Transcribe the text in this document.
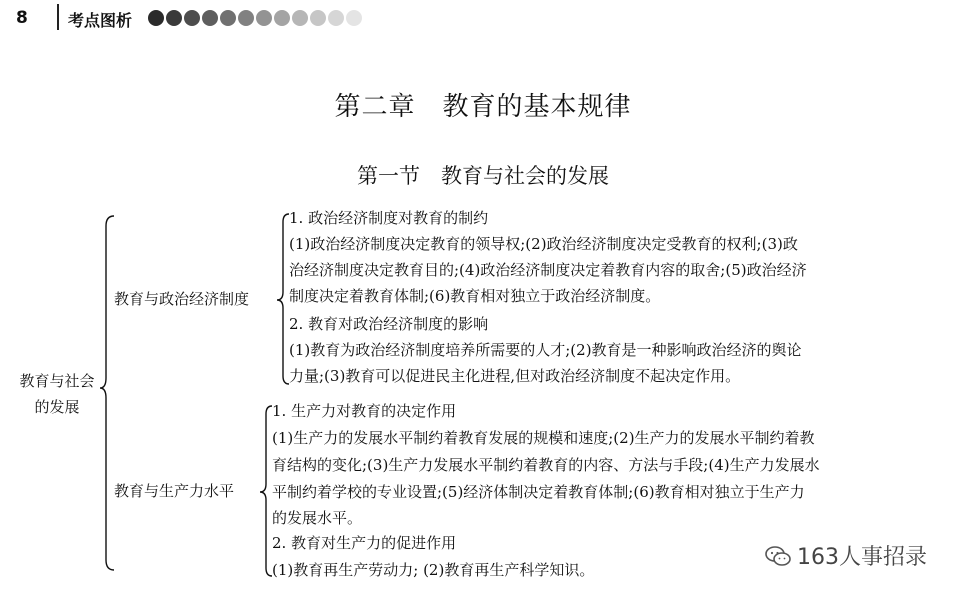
8	考点图析
第二章　教育的基本规律
第一节　教育与社会的发展
教育与社会
的发展
教育与政治经济制度
教育与生产力水平
1. 政治经济制度对教育的制约
(1)政治经济制度决定教育的领导权;(2)政治经济制度决定受教育的权利;(3)政
治经济制度决定教育目的;(4)政治经济制度决定着教育内容的取舍;(5)政治经济
制度决定着教育体制;(6)教育相对独立于政治经济制度。
2. 教育对政治经济制度的影响
(1)教育为政治经济制度培养所需要的人才;(2)教育是一种影响政治经济的舆论
力量;(3)教育可以促进民主化进程,但对政治经济制度不起决定作用。
1. 生产力对教育的决定作用
(1)生产力的发展水平制约着教育发展的规模和速度;(2)生产力的发展水平制约着教
育结构的变化;(3)生产力发展水平制约着教育的内容、方法与手段;(4)生产力发展水
平制约着学校的专业设置;(5)经济体制决定着教育体制;(6)教育相对独立于生产力
的发展水平。
2. 教育对生产力的促进作用
(1)教育再生产劳动力; (2)教育再生产科学知识。	163人事招录
